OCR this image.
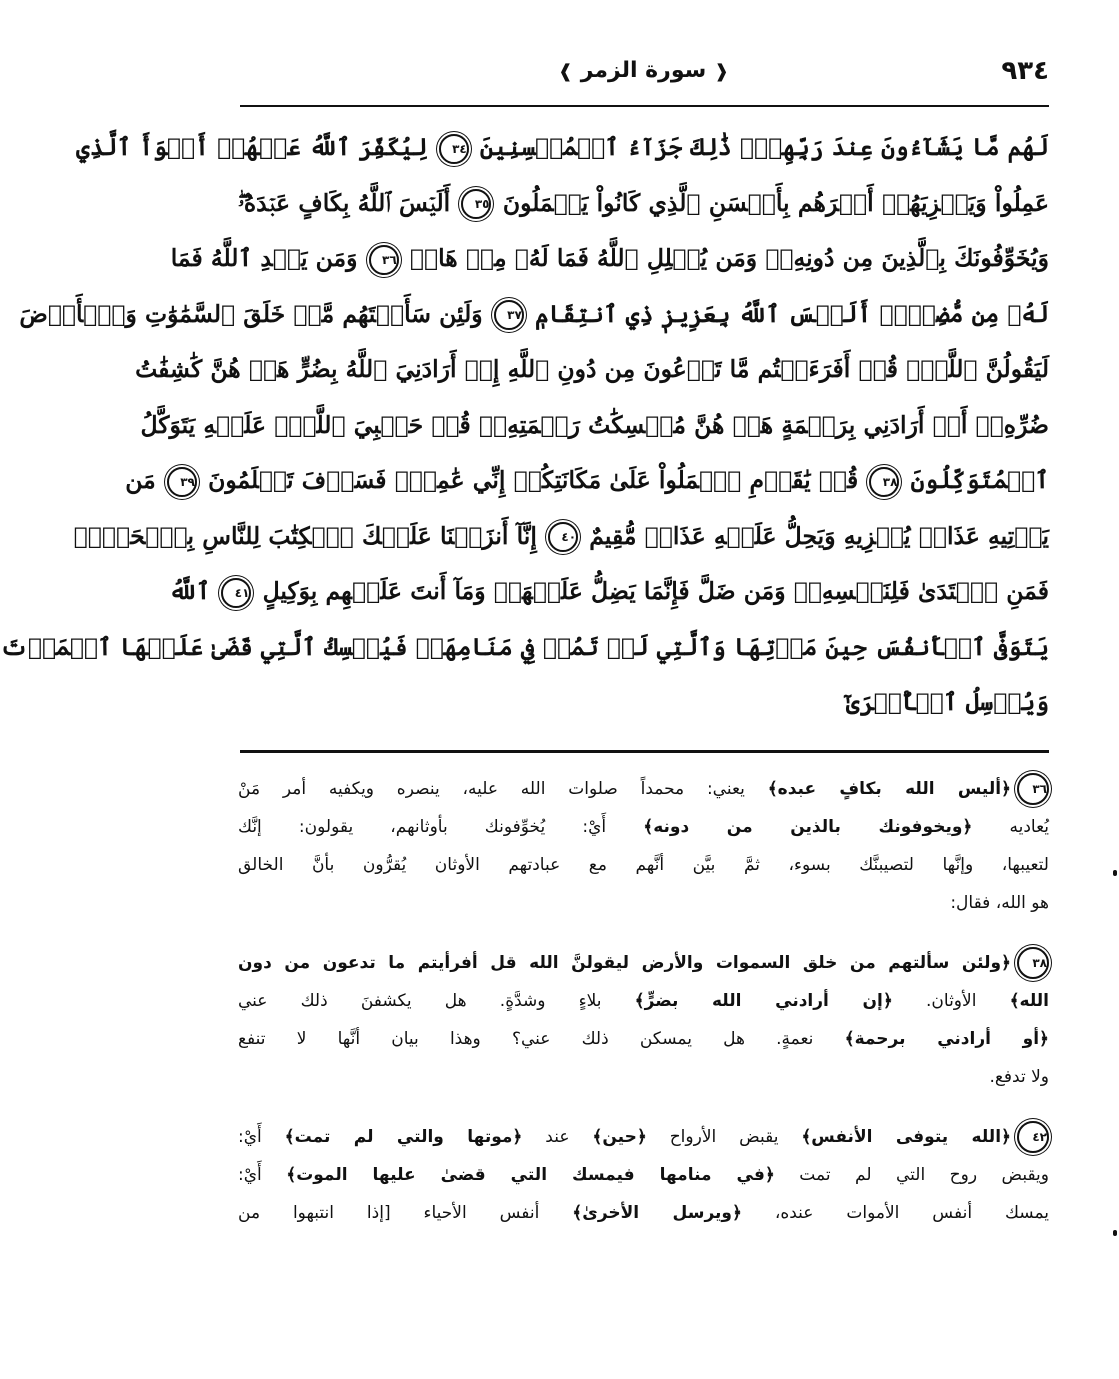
٩٣٤
❰ سورة الزمر ❱
لَهُم مَّا يَشَآءُونَ عِندَ رَبِّهِمۡۚ ذَٰلِكَ جَزَآءُ ٱلۡمُحۡسِنِينَ ٣٤ لِيُكَفِّرَ ٱللَّهُ عَنۡهُمۡ أَسۡوَأَ ٱلَّذِي
عَمِلُواْ وَيَجۡزِيَهُمۡ أَجۡرَهُم بِأَحۡسَنِ ٱلَّذِي كَانُواْ يَعۡمَلُونَ ٣٥ أَلَيۡسَ ٱللَّهُ بِكَافٍ عَبۡدَهُۥۖ
وَيُخَوِّفُونَكَ بِٱلَّذِينَ مِن دُونِهِۦۚ وَمَن يُضۡلِلِ ٱللَّهُ فَمَا لَهُۥ مِنۡ هَادٖ ٣٦ وَمَن يَهۡدِ ٱللَّهُ فَمَا
لَهُۥ مِن مُّضِلٍّۗ أَلَيۡسَ ٱللَّهُ بِعَزِيزٖ ذِي ٱنتِقَامٖ ٣٧ وَلَئِن سَأَلۡتَهُم مَّنۡ خَلَقَ ٱلسَّمَٰوَٰتِ وَٱلۡأَرۡضَ
لَيَقُولُنَّ ٱللَّهُۚ قُلۡ أَفَرَءَيۡتُم مَّا تَدۡعُونَ مِن دُونِ ٱللَّهِ إِنۡ أَرَادَنِيَ ٱللَّهُ بِضُرٍّ هَلۡ هُنَّ كَٰشِفَٰتُ
ضُرِّهِۦٓ أَوۡ أَرَادَنِي بِرَحۡمَةٍ هَلۡ هُنَّ مُمۡسِكَٰتُ رَحۡمَتِهِۦۚ قُلۡ حَسۡبِيَ ٱللَّهُۖ عَلَيۡهِ يَتَوَكَّلُ
ٱلۡمُتَوَكِّلُونَ ٣٨ قُلۡ يَٰقَوۡمِ ٱعۡمَلُواْ عَلَىٰ مَكَانَتِكُمۡ إِنِّي عَٰمِلٞۖ فَسَوۡفَ تَعۡلَمُونَ ٣٩ مَن
يَأۡتِيهِ عَذَابٞ يُخۡزِيهِ وَيَحِلُّ عَلَيۡهِ عَذَابٞ مُّقِيمٌ ٤٠ إِنَّآ أَنزَلۡنَا عَلَيۡكَ ٱلۡكِتَٰبَ لِلنَّاسِ بِٱلۡحَقِّۖ
فَمَنِ ٱهۡتَدَىٰ فَلِنَفۡسِهِۦۖ وَمَن ضَلَّ فَإِنَّمَا يَضِلُّ عَلَيۡهَاۖ وَمَآ أَنتَ عَلَيۡهِم بِوَكِيلٍ ٤١ ٱللَّهُ
يَتَوَفَّى ٱلۡأَنفُسَ حِينَ مَوۡتِهَا وَٱلَّتِي لَمۡ تَمُتۡ فِي مَنَامِهَاۖ فَيُمۡسِكُ ٱلَّتِي قَضَىٰ عَلَيۡهَا ٱلۡمَوۡتَ
وَيُرۡسِلُ ٱلۡأُخۡرَىٰٓ
٣٦﴿أليس الله بكافٍ عبده﴾ يعني: محمداً صلوات الله عليه، ينصره ويكفيه أمر مَنْ
يُعاديه ﴿ويخوفونك بالذين من دونه﴾ أَيْ: يُخوِّفونك بأوثانهم، يقولون: إنَّك
لتعيبها، وإنَّها لتصيبنَّك بسوء، ثمَّ بيَّن أنَّهم مع عبادتهم الأوثان يُقرُّون بأنَّ الخالق
هو الله، فقال:
٣٨﴿ولئن سألتهم من خلق السموات والأرض ليقولنَّ الله قل أفرأيتم ما تدعون من دون
الله﴾ الأوثان. ﴿إن أرادني الله بضرٍّ﴾ بلاءٍ وشدَّةٍ. هل يكشفنَ ذلك عني
﴿أو أرادني برحمة﴾ نعمةٍ. هل يمسكن ذلك عني؟ وهذا بيان أنَّها لا تنفع
ولا تدفع.
٤٢﴿الله يتوفى الأنفس﴾ يقبض الأرواح ﴿حين﴾ عند ﴿موتها والتي لم تمت﴾ أَيْ:
ويقبض روح التي لم تمت ﴿في منامها فيمسك التي قضىٰ عليها الموت﴾ أَيْ:
يمسك أنفس الأموات عنده، ﴿ويرسل الأخرىٰ﴾ أنفس الأحياء [إذا انتبهوا من
